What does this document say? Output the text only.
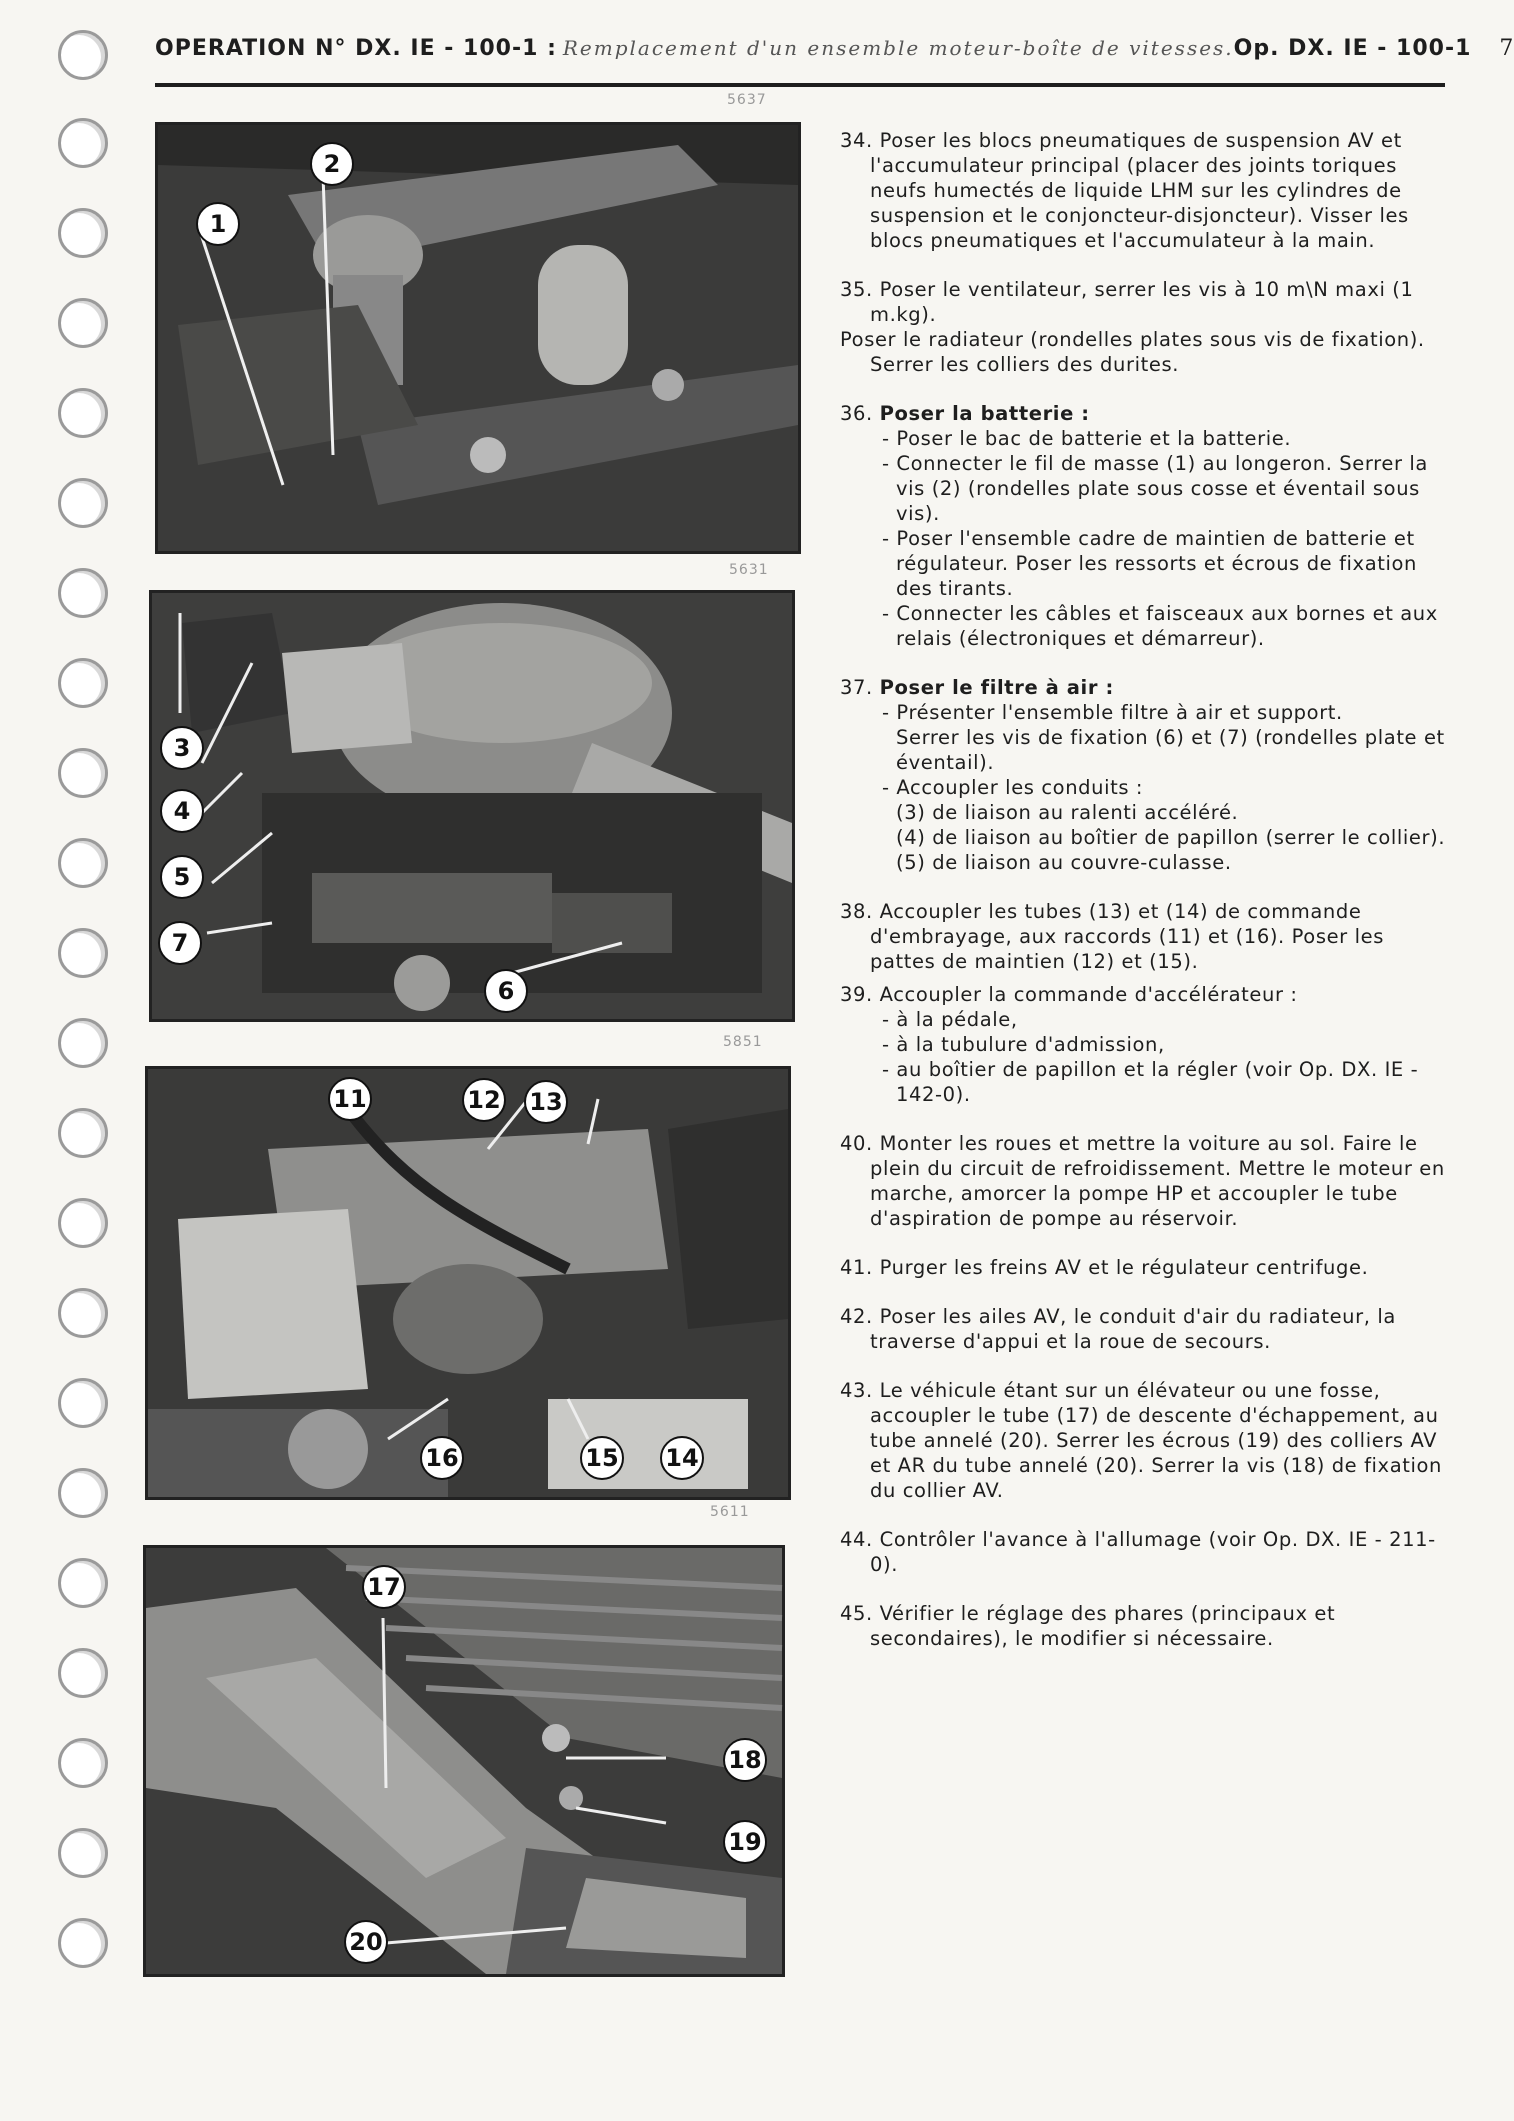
OPERATION N° DX. IE - 100-1 : Remplacement d'un ensemble moteur-boîte de vitesses. Op. DX. IE - 100-1 7
5637
2
1
5631
3
4
5
7
6
5851
11	12 13
16	15 14
5611
17
18
19
20

34. Poser les blocs pneumatiques de suspension AV et l'accumulateur principal (placer des joints toriques neufs humectés de liquide LHM sur les cylindres de suspension et le conjoncteur-disjoncteur). Visser les blocs pneumatiques et l'accumulateur à la main.

35. Poser le ventilateur, serrer les vis à 10 m\N maxi (1 m.kg).

Poser le radiateur (rondelles plates sous vis de fixation). Serrer les colliers des durites.

36. Poser la batterie :

- Poser le bac de batterie et la batterie.

- Connecter le fil de masse (1) au longeron. Serrer la vis (2) (rondelles plate sous cosse et éventail sous vis).

- Poser l'ensemble cadre de maintien de batterie et régulateur. Poser les ressorts et écrous de fixation des tirants.

- Connecter les câbles et faisceaux aux bornes et aux relais (électroniques et démarreur).

37. Poser le filtre à air :

- Présenter l'ensemble filtre à air et support.

Serrer les vis de fixation (6) et (7) (rondelles plate et éventail).

- Accoupler les conduits :

(3) de liaison au ralenti accéléré.

(4) de liaison au boîtier de papillon (serrer le collier).

(5) de liaison au couvre-culasse.

38. Accoupler les tubes (13) et (14) de commande d'embrayage, aux raccords (11) et (16). Poser les pattes de maintien (12) et (15).

39. Accoupler la commande d'accélérateur :

- à la pédale,

- à la tubulure d'admission,

- au boîtier de papillon et la régler (voir Op. DX. IE - 142-0).

40. Monter les roues et mettre la voiture au sol. Faire le plein du circuit de refroidissement. Mettre le moteur en marche, amorcer la pompe HP et accoupler le tube d'aspiration de pompe au réservoir.

41. Purger les freins AV et le régulateur centrifuge.

42. Poser les ailes AV, le conduit d'air du radiateur, la traverse d'appui et la roue de secours.

43. Le véhicule étant sur un élévateur ou une fosse, accoupler le tube (17) de descente d'échappement, au tube annelé (20). Serrer les écrous (19) des colliers AV et AR du tube annelé (20). Serrer la vis (18) de fixation du collier AV.

44. Contrôler l'avance à l'allumage (voir Op. DX. IE - 211-0).

45. Vérifier le réglage des phares (principaux et secondaires), le modifier si nécessaire.
